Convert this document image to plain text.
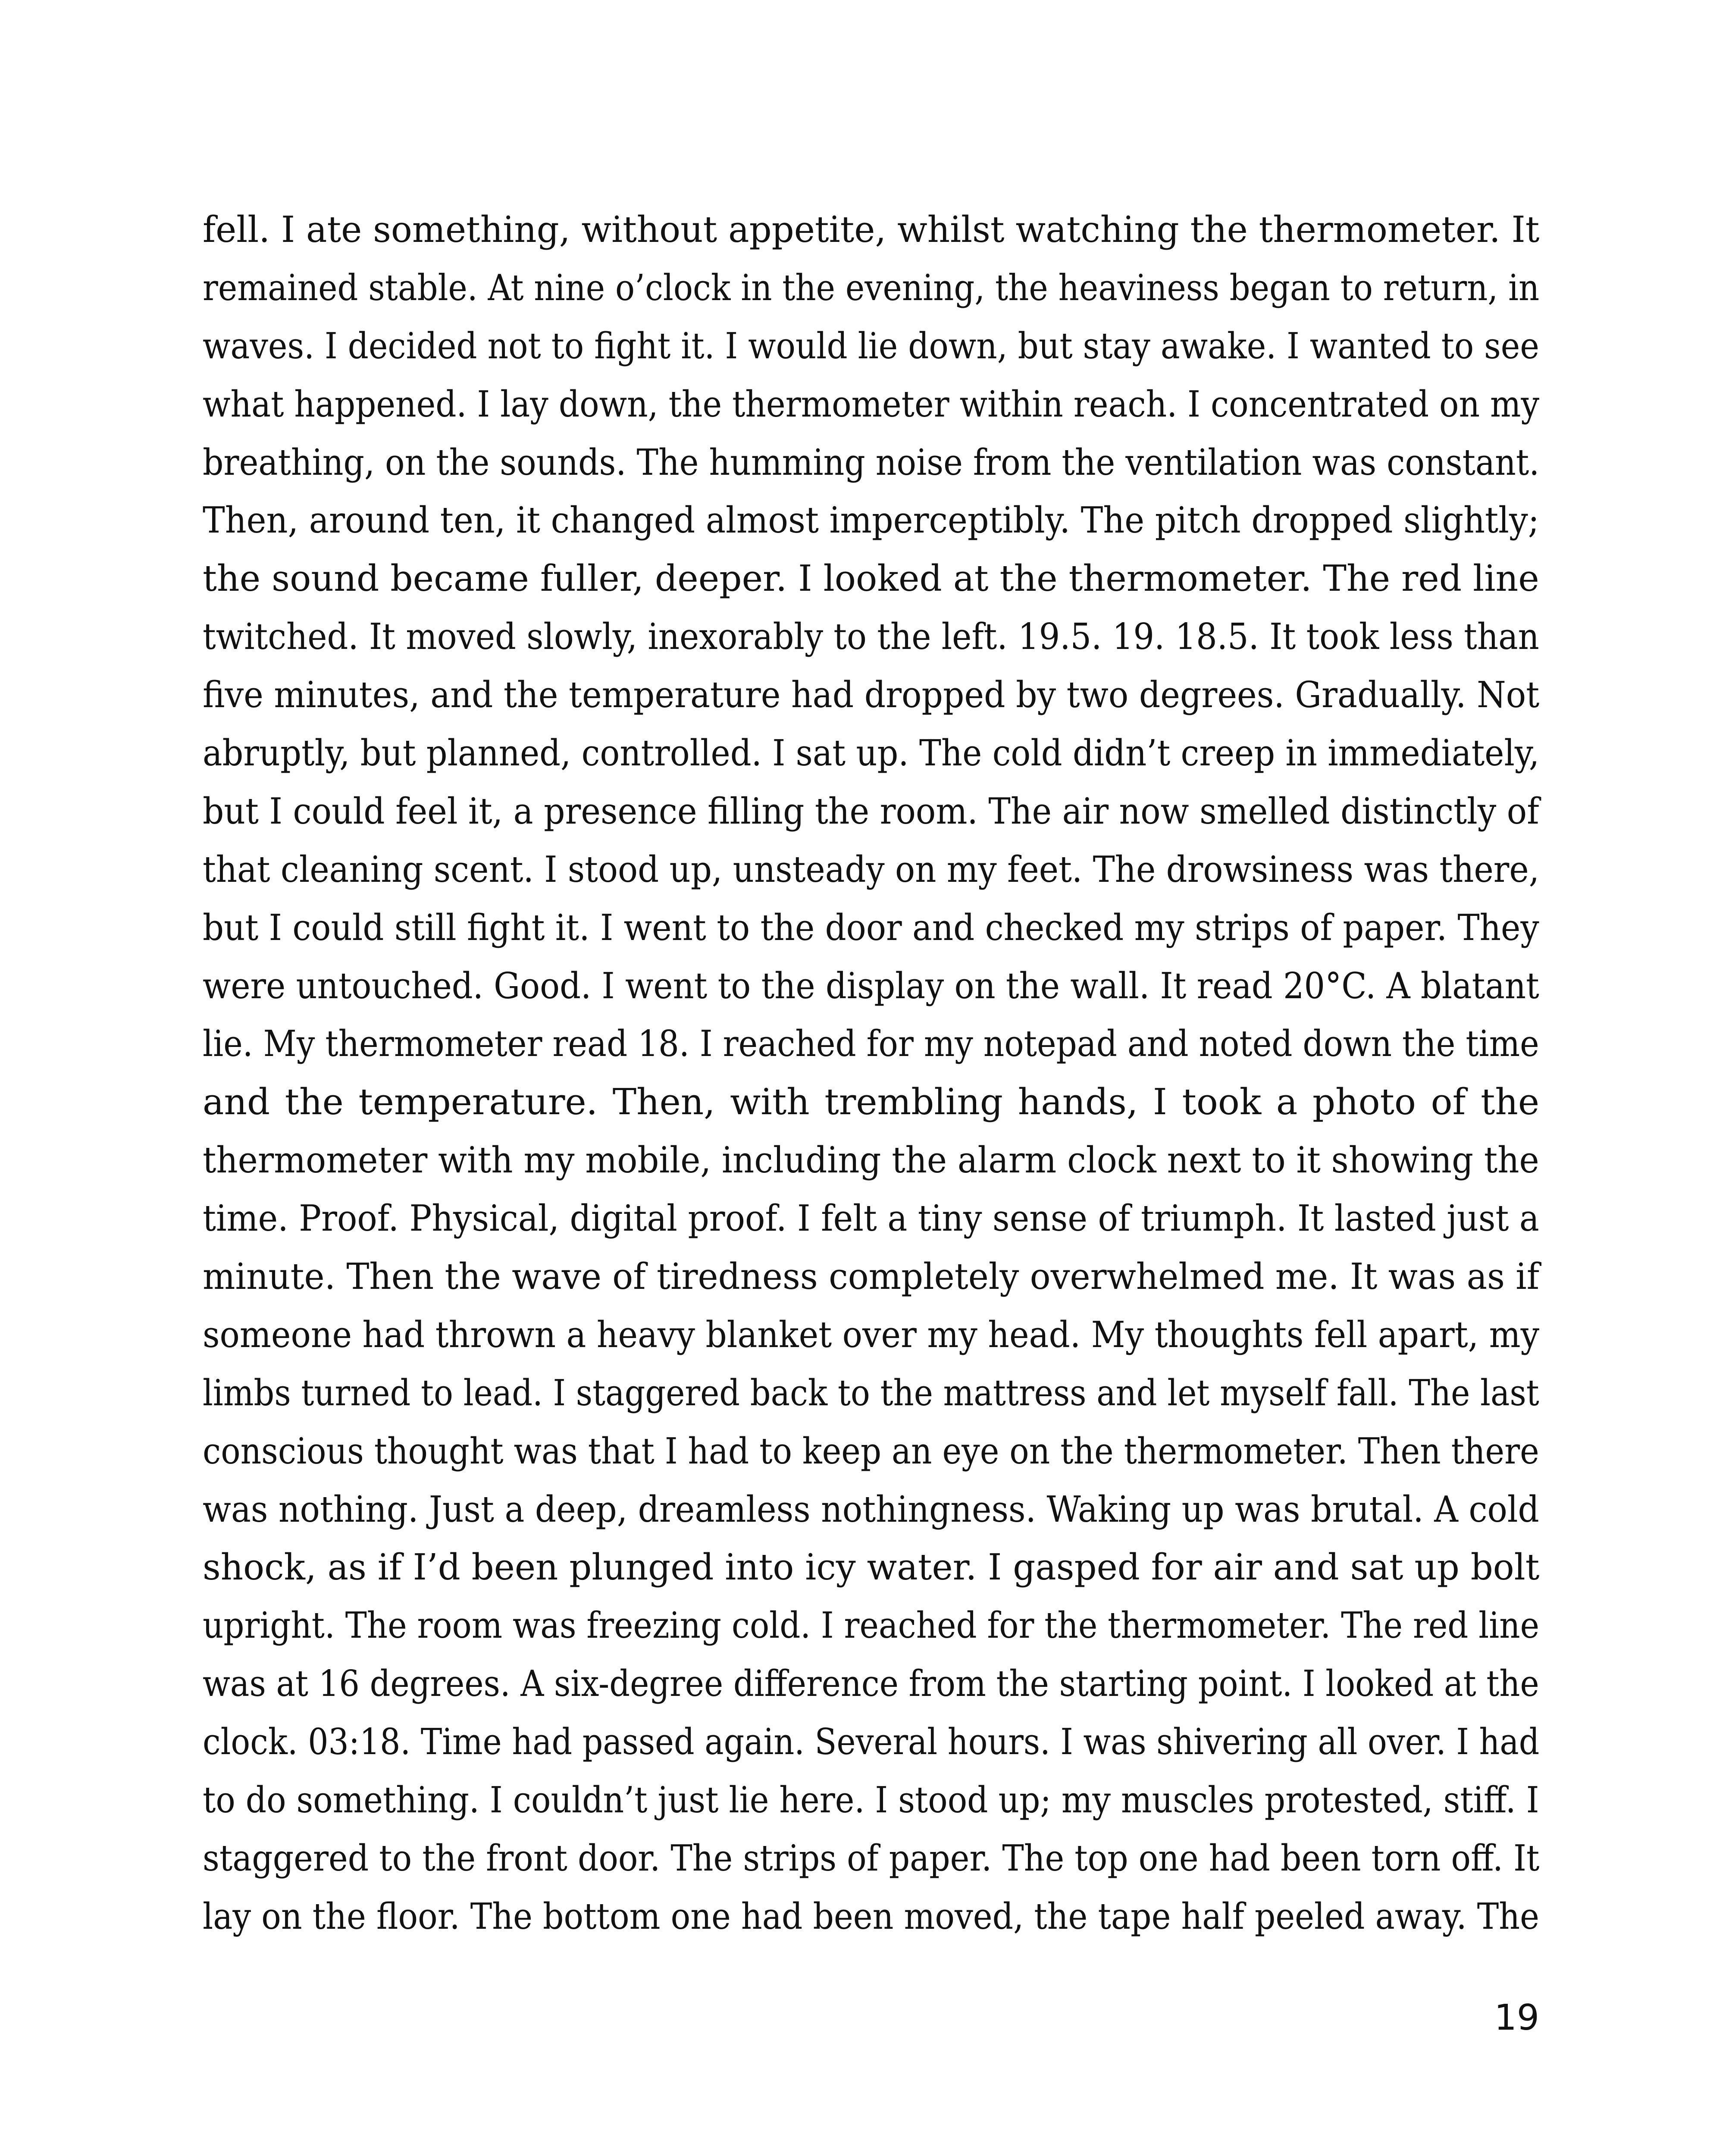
fell. I ate something, without appetite, whilst watching the thermometer. It
remained stable. At nine o’clock in the evening, the heaviness began to return, in
waves. I decided not to fight it. I would lie down, but stay awake. I wanted to see
what happened. I lay down, the thermometer within reach. I concentrated on my
breathing, on the sounds. The humming noise from the ventilation was constant.
Then, around ten, it changed almost imperceptibly. The pitch dropped slightly;
the sound became fuller, deeper. I looked at the thermometer. The red line
twitched. It moved slowly, inexorably to the left. 19.5. 19. 18.5. It took less than
five minutes, and the temperature had dropped by two degrees. Gradually. Not
abruptly, but planned, controlled. I sat up. The cold didn’t creep in immediately,
but I could feel it, a presence filling the room. The air now smelled distinctly of
that cleaning scent. I stood up, unsteady on my feet. The drowsiness was there,
but I could still fight it. I went to the door and checked my strips of paper. They
were untouched. Good. I went to the display on the wall. It read 20°C. A blatant
lie. My thermometer read 18. I reached for my notepad and noted down the time
and the temperature. Then, with trembling hands, I took a photo of the
thermometer with my mobile, including the alarm clock next to it showing the
time. Proof. Physical, digital proof. I felt a tiny sense of triumph. It lasted just a
minute. Then the wave of tiredness completely overwhelmed me. It was as if
someone had thrown a heavy blanket over my head. My thoughts fell apart, my
limbs turned to lead. I staggered back to the mattress and let myself fall. The last
conscious thought was that I had to keep an eye on the thermometer. Then there
was nothing. Just a deep, dreamless nothingness. Waking up was brutal. A cold
shock, as if I’d been plunged into icy water. I gasped for air and sat up bolt
upright. The room was freezing cold. I reached for the thermometer. The red line
was at 16 degrees. A six-degree difference from the starting point. I looked at the
clock. 03:18. Time had passed again. Several hours. I was shivering all over. I had
to do something. I couldn’t just lie here. I stood up; my muscles protested, stiff. I
staggered to the front door. The strips of paper. The top one had been torn off. It
lay on the floor. The bottom one had been moved, the tape half peeled away. The
19
